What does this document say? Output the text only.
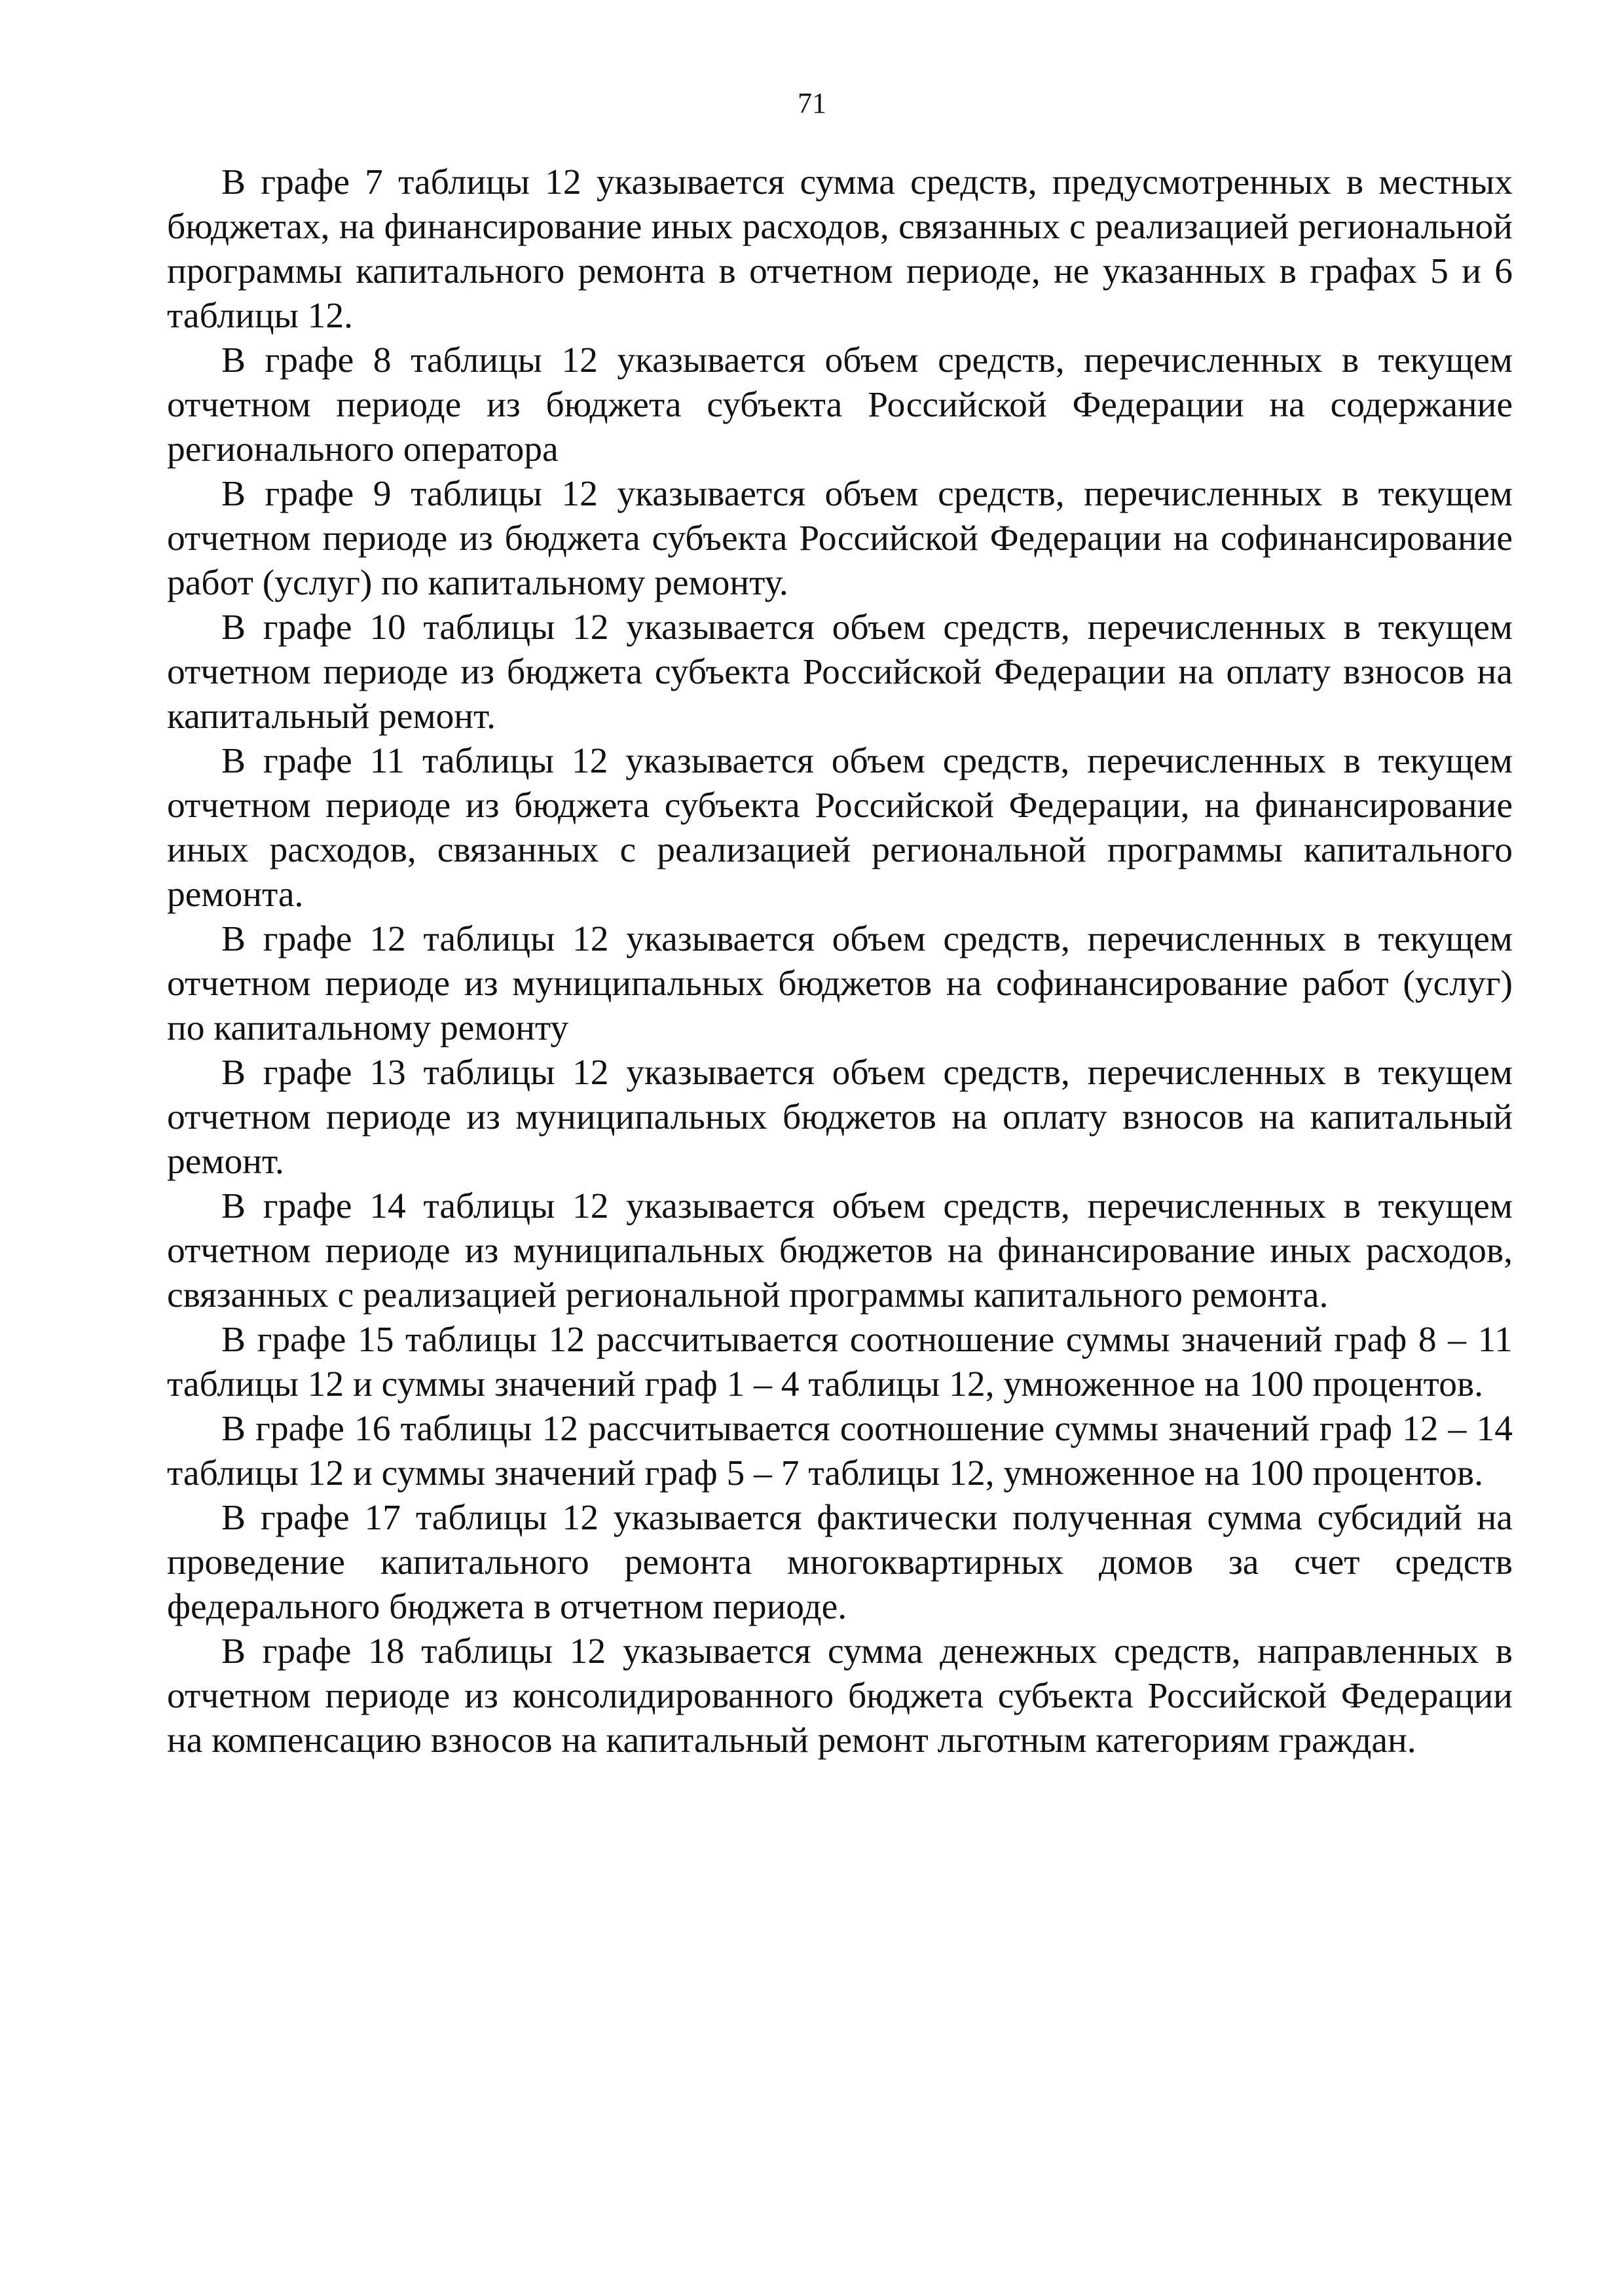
71

В графе 7 таблицы 12 указывается сумма средств, предусмотренных в местных бюджетах, на финансирование иных расходов, связанных с реализацией региональной программы капитального ремонта в отчетном периоде, не указанных в графах 5 и 6 таблицы 12.

В графе 8 таблицы 12 указывается объем средств, перечисленных в текущем отчетном периоде из бюджета субъекта Российской Федерации на содержание регионального оператора

В графе 9 таблицы 12 указывается объем средств, перечисленных в текущем отчетном периоде из бюджета субъекта Российской Федерации на софинансирование работ (услуг) по капитальному ремонту.

В графе 10 таблицы 12 указывается объем средств, перечисленных в текущем отчетном периоде из бюджета субъекта Российской Федерации на оплату взносов на капитальный ремонт.

В графе 11 таблицы 12 указывается объем средств, перечисленных в текущем отчетном периоде из бюджета субъекта Российской Федерации, на финансирование иных расходов, связанных с реализацией региональной программы капитального ремонта.

В графе 12 таблицы 12 указывается объем средств, перечисленных в текущем отчетном периоде из муниципальных бюджетов на софинансирование работ (услуг) по капитальному ремонту

В графе 13 таблицы 12 указывается объем средств, перечисленных в текущем отчетном периоде из муниципальных бюджетов на оплату взносов на капитальный ремонт.

В графе 14 таблицы 12 указывается объем средств, перечисленных в текущем отчетном периоде из муниципальных бюджетов на финансирование иных расходов, связанных с реализацией региональной программы капитального ремонта.

В графе 15 таблицы 12 рассчитывается соотношение суммы значений граф 8 – 11 таблицы 12 и суммы значений граф 1 – 4 таблицы 12, умноженное на 100 процентов.

В графе 16 таблицы 12 рассчитывается соотношение суммы значений граф 12 – 14 таблицы 12 и суммы значений граф 5 – 7 таблицы 12, умноженное на 100 процентов.

В графе 17 таблицы 12 указывается фактически полученная сумма субсидий на проведение капитального ремонта многоквартирных домов за счет средств федерального бюджета в отчетном периоде.

В графе 18 таблицы 12 указывается сумма денежных средств, направленных в отчетном периоде из консолидированного бюджета субъекта Российской Федерации на компенсацию взносов на капитальный ремонт льготным категориям граждан.
